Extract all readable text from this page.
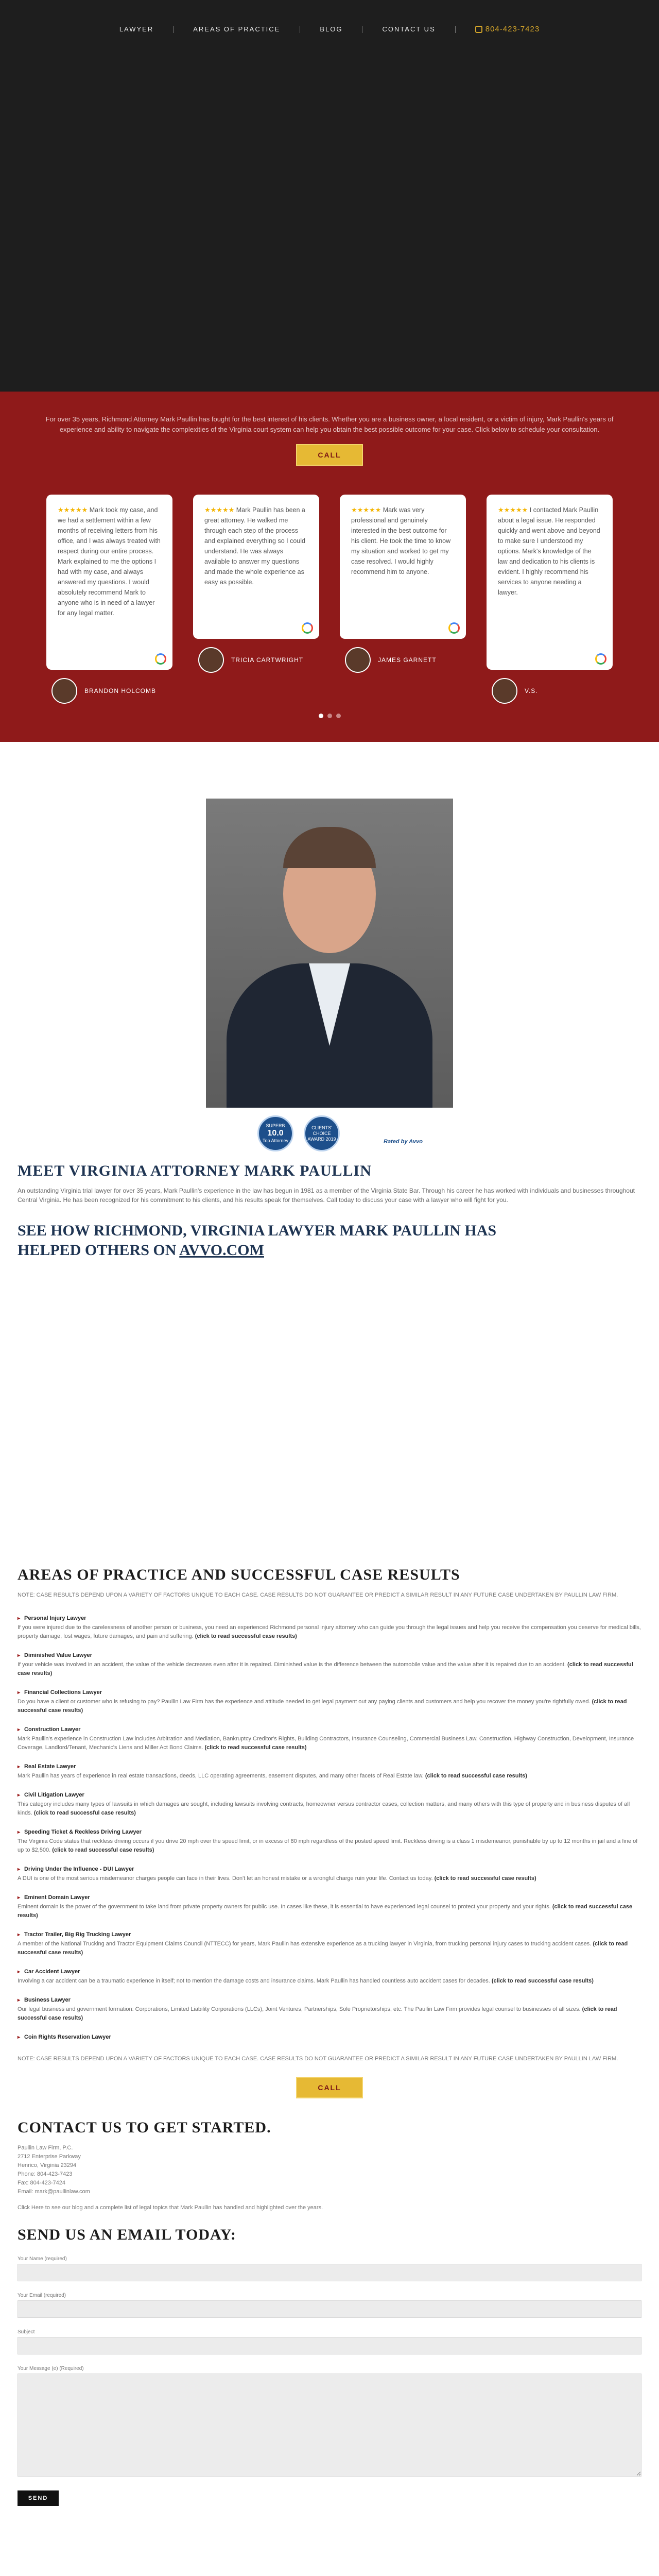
LAWYER	AREAS OF PRACTICE	BLOG	CONTACT US	804-423-7423

For over 35 years, Richmond Attorney Mark Paullin has fought for the best interest of his clients. Whether you are a business owner, a local resident, or a victim of injury, Mark Paullin's years of experience and ability to navigate the complexities of the Virginia court system can help you obtain the best possible outcome for your case. Click below to schedule your consultation.

CALL
★★★★★ Mark took my case, and we had a settlement within a few months of receiving letters from his office, and I was always treated with respect during our entire process. Mark explained to me the options I had with my case, and always answered my questions. I would absolutely recommend Mark to anyone who is in need of a lawyer for any legal matter.
BRANDON HOLCOMB
★★★★★ Mark Paullin has been a great attorney. He walked me through each step of the process and explained everything so I could understand. He was always available to answer my questions and made the whole experience as easy as possible.
TRICIA CARTWRIGHT
★★★★★ Mark was very professional and genuinely interested in the best outcome for his client. He took the time to know my situation and worked to get my case resolved. I would highly recommend him to anyone.
JAMES GARNETT
★★★★★ I contacted Mark Paullin about a legal issue. He responded quickly and went above and beyond to make sure I understood my options. Mark's knowledge of the law and dedication to his clients is evident. I highly recommend his services to anyone needing a lawyer.
V.S.
SUPERB
10.0
Top Attorney
CLIENTS' CHOICE
AWARD 2019	Rated by Avvo
MEET VIRGINIA ATTORNEY MARK PAULLIN

An outstanding Virginia trial lawyer for over 35 years, Mark Paullin's experience in the law has begun in 1981 as a member of the Virginia State Bar. Through his career he has worked with individuals and businesses throughout Central Virginia. He has been recognized for his commitment to his clients, and his results speak for themselves. Call today to discuss your case with a lawyer who will fight for you.

SEE HOW RICHMOND, VIRGINIA LAWYER MARK PAULLIN HAS HELPED OTHERS ON AVVO.COM
AREAS OF PRACTICE AND SUCCESSFUL CASE RESULTS

NOTE: CASE RESULTS DEPEND UPON A VARIETY OF FACTORS UNIQUE TO EACH CASE. CASE RESULTS DO NOT GUARANTEE OR PREDICT A SIMILAR RESULT IN ANY FUTURE CASE UNDERTAKEN BY PAULLIN LAW FIRM.

▸ Personal Injury Lawyer

If you were injured due to the carelessness of another person or business, you need an experienced Richmond personal injury attorney who can guide you through the legal issues and help you receive the compensation you deserve for medical bills, property damage, lost wages, future damages, and pain and suffering. (click to read successful case results)

▸ Diminished Value Lawyer

If your vehicle was involved in an accident, the value of the vehicle decreases even after it is repaired. Diminished value is the difference between the automobile value and the value after it is repaired due to an accident. (click to read successful case results)

▸ Financial Collections Lawyer

Do you have a client or customer who is refusing to pay? Paullin Law Firm has the experience and attitude needed to get legal payment out any paying clients and customers and help you recover the money you're rightfully owed. (click to read successful case results)

▸ Construction Lawyer

Mark Paullin's experience in Construction Law includes Arbitration and Mediation, Bankruptcy Creditor's Rights, Building Contractors, Insurance Counseling, Commercial Business Law, Construction, Highway Construction, Development, Insurance Coverage, Landlord/Tenant, Mechanic's Liens and Miller Act Bond Claims. (click to read successful case results)

▸ Real Estate Lawyer

Mark Paullin has years of experience in real estate transactions, deeds, LLC operating agreements, easement disputes, and many other facets of Real Estate law. (click to read successful case results)

▸ Civil Litigation Lawyer

This category includes many types of lawsuits in which damages are sought, including lawsuits involving contracts, homeowner versus contractor cases, collection matters, and many others with this type of property and in business disputes of all kinds. (click to read successful case results)

▸ Speeding Ticket & Reckless Driving Lawyer

The Virginia Code states that reckless driving occurs if you drive 20 mph over the speed limit, or in excess of 80 mph regardless of the posted speed limit. Reckless driving is a class 1 misdemeanor, punishable by up to 12 months in jail and a fine of up to $2,500. (click to read successful case results)

▸ Driving Under the Influence - DUI Lawyer

A DUI is one of the most serious misdemeanor charges people can face in their lives. Don't let an honest mistake or a wrongful charge ruin your life. Contact us today. (click to read successful case results)

▸ Eminent Domain Lawyer

Eminent domain is the power of the government to take land from private property owners for public use. In cases like these, it is essential to have experienced legal counsel to protect your property and your rights. (click to read successful case results)

▸ Tractor Trailer, Big Rig Trucking Lawyer

A member of the National Trucking and Tractor Equipment Claims Council (NTTECC) for years, Mark Paullin has extensive experience as a trucking lawyer in Virginia, from trucking personal injury cases to trucking accident cases. (click to read successful case results)

▸ Car Accident Lawyer

Involving a car accident can be a traumatic experience in itself; not to mention the damage costs and insurance claims. Mark Paullin has handled countless auto accident cases for decades. (click to read successful case results)

▸ Business Lawyer

Our legal business and government formation: Corporations, Limited Liability Corporations (LLCs), Joint Ventures, Partnerships, Sole Proprietorships, etc. The Paullin Law Firm provides legal counsel to businesses of all sizes. (click to read successful case results)

▸ Coin Rights Reservation Lawyer

NOTE: CASE RESULTS DEPEND UPON A VARIETY OF FACTORS UNIQUE TO EACH CASE. CASE RESULTS DO NOT GUARANTEE OR PREDICT A SIMILAR RESULT IN ANY FUTURE CASE UNDERTAKEN BY PAULLIN LAW FIRM.

CALL
CONTACT US TO GET STARTED.
Paullin Law Firm, P.C.
2712 Enterprise Parkway
Henrico, Virginia 23294
Phone: 804-423-7423
Fax: 804-423-7424
Email: mark@paullinlaw.com

Click Here to see our blog and a complete list of legal topics that Mark Paullin has handled and highlighted over the years.

SEND US AN EMAIL TODAY:
Your Name (required)
Your Email (required)
Subject
Your Message (e) (Required)
SEND
